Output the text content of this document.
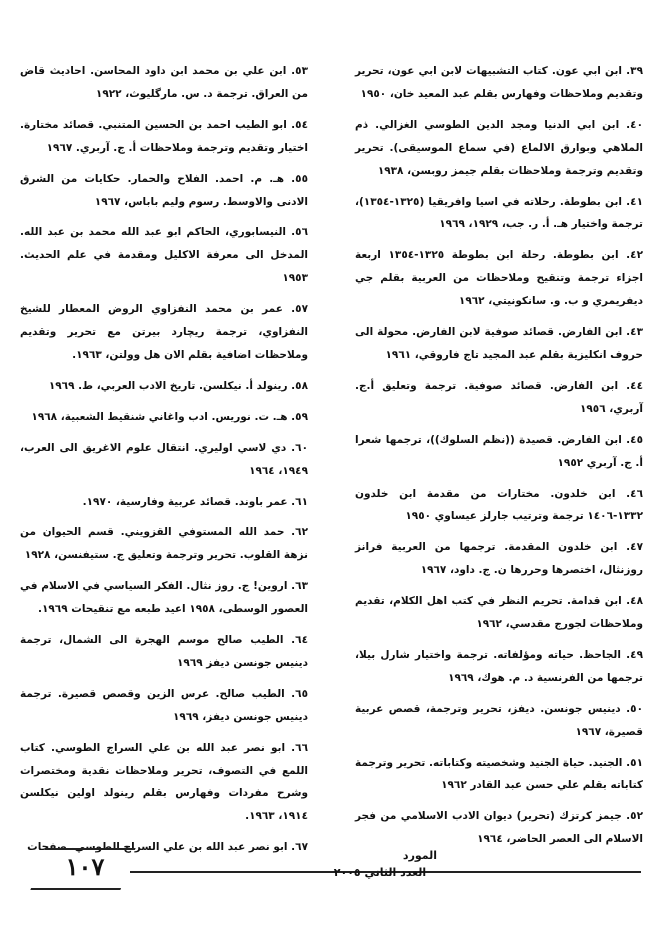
٣٩. ابن ابي عون. كتاب التشبيهات لابن ابي عون، تحرير وتقديم وملاحظات وفهارس بقلم عبد المعيد خان، ١٩٥٠

٤٠. ابن ابي الدنيا ومجد الدين الطوسي الغزالي. ذم الملاهي وبوارق الالماع (في سماع الموسيقى). تحرير وتقديم وترجمة وملاحظات بقلم جيمز روبسن، ١٩٣٨

٤١. ابن بطوطة. رحلاته في اسيا وافريقيا (١٣٢٥-١٣٥٤)، ترجمة واختيار هـ. أ. ر. جب، ١٩٢٩، ١٩٦٩

٤٢. ابن بطوطة. رحلة ابن بطوطة ١٣٢٥-١٣٥٤ اربعة اجزاء ترجمة وتنقيح وملاحظات من العربية بقلم جي ديفريمري و ب. و. سانكونيتي، ١٩٦٢

٤٣. ابن الفارض. قصائد صوفية لابن الفارض. محولة الى حروف انكليزية بقلم عبد المجيد تاج فاروقي، ١٩٦١

٤٤. ابن الفارض. قصائد صوفية. ترجمة وتعليق أ.ج. آربري، ١٩٥٦

٤٥. ابن الفارض. قصيدة ((نظم السلوك))، ترجمها شعرا أ. ج. آربري ١٩٥٢

٤٦. ابن خلدون. مختارات من مقدمة ابن خلدون ١٣٣٢-١٤٠٦ ترجمة وترتيب جارلز عيساوي ١٩٥٠

٤٧. ابن خلدون المقدمة. ترجمها من العربية فرانز روزنثال، اختصرها وحررها ن. ج. داود، ١٩٦٧

٤٨. ابن قدامة. تحريم النظر في كتب اهل الكلام، تقديم وملاحظات لجورج مقدسي، ١٩٦٢

٤٩. الجاحظ. حياته ومؤلفاته. ترجمة واختيار شارل بيلا، ترجمها من الفرنسية د. م. هوك، ١٩٦٩

٥٠. دينيس جونسن. ديفز، تحرير وترجمة، قصص عربية قصيرة، ١٩٦٧

٥١. الجنيد. حياة الجنيد وشخصيته وكتاباته. تحرير وترجمة كتاباته بقلم علي حسن عبد القادر ١٩٦٢

٥٢. جيمز كرتزك (تحرير) ديوان الادب الاسلامي من فجر الاسلام الى العصر الحاضر، ١٩٦٤

٥٣. ابن علي بن محمد ابن داود المحاسن. احاديث قاض من العراق. ترجمة د. س. مارگليوث، ١٩٢٢

٥٤. ابو الطيب احمد بن الحسين المتنبي. قصائد مختارة. اختيار وتقديم وترجمة وملاحظات أ. ج. آربري. ١٩٦٧

٥٥. هـ. م. احمد. الفلاح والحمار. حكايات من الشرق الادنى والاوسط. رسوم وليم باباس، ١٩٦٧

٥٦. النيسابوري، الحاكم ابو عبد الله محمد بن عبد الله. المدخل الى معرفة الاكليل ومقدمة في علم الحديث. ١٩٥٣

٥٧. عمر بن محمد النفزاوي الروض المعطار للشيخ النفزاوي، ترجمة ريچارد بيرتن مع تحرير وتقديم وملاحظات اضافية بقلم الان هل وولتن، ١٩٦٣.

٥٨. رينولد أ. نيكلسن. تاريخ الادب العربي، ط. ١٩٦٩

٥٩. هـ. ت. نوريس. ادب واغاني شنقيط الشعبية، ١٩٦٨

٦٠. دي لاسي اوليري. انتقال علوم الاغريق الى العرب، ١٩٤٩، ١٩٦٤

٦١. عمر باوند. قصائد عربية وفارسية، ١٩٧٠.

٦٢. حمد الله المستوفي القزويني. قسم الحيوان من نزهة القلوب. تحرير وترجمة وتعليق ج. ستيفنسن، ١٩٢٨

٦٣. اروين! ج. روز نثال. الفكر السياسي في الاسلام في العصور الوسطى، ١٩٥٨ اعيد طبعه مع تنقيحات ١٩٦٩.

٦٤. الطيب صالح موسم الهجرة الى الشمال، ترجمة دينيس جونسن ديفز ١٩٦٩

٦٥. الطيب صالح. عرس الزين وقصص قصيرة. ترجمة دينيس جونسن ديفز، ١٩٦٩

٦٦. ابو نصر عبد الله بن علي السراج الطوسي. كتاب اللمع في التصوف، تحرير وملاحظات نقدية ومختصرات وشرح مفردات وفهارس بقلم رينولد اولين نيكلسن ١٩١٤، ١٩٦٣.

٦٧. ابو نصر عبد الله بن علي السراج الطوسي. صفحات

١٠٧	المورد
العدد الثاني ٢٠٠٥
